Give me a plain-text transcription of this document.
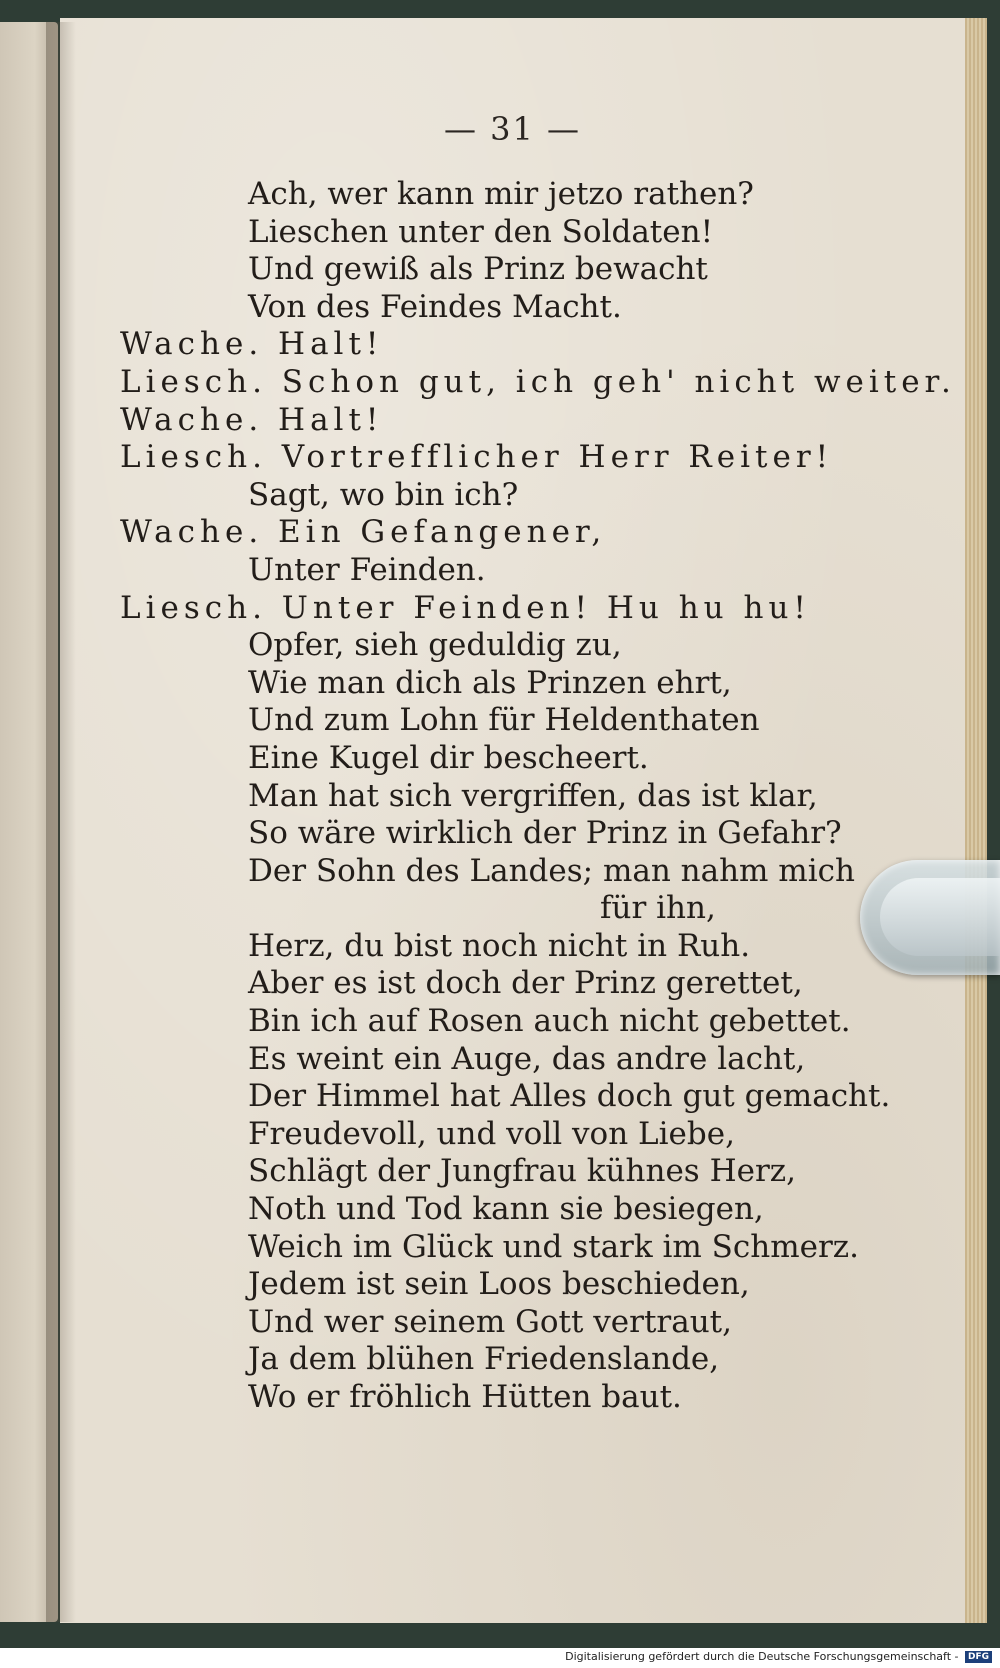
— 31 —
Ach, wer kann mir jetzo rathen?
Lieschen unter den Soldaten!
Und gewiß als Prinz bewacht
Von des Feindes Macht.
Wache. Halt!
Liesch. Schon gut, ich geh' nicht weiter.
Wache. Halt!
Liesch. Vortrefflicher Herr Reiter!
Sagt, wo bin ich?
Wache. Ein Gefangener,
Unter Feinden.
Liesch. Unter Feinden! Hu hu hu!
Opfer, sieh geduldig zu,
Wie man dich als Prinzen ehrt,
Und zum Lohn für Heldenthaten
Eine Kugel dir bescheert.
Man hat sich vergriffen, das ist klar,
So wäre wirklich der Prinz in Gefahr?
Der Sohn des Landes; man nahm mich
für ihn,
Herz, du bist noch nicht in Ruh.
Aber es ist doch der Prinz gerettet,
Bin ich auf Rosen auch nicht gebettet.
Es weint ein Auge, das andre lacht,
Der Himmel hat Alles doch gut gemacht.
Freudevoll, und voll von Liebe,
Schlägt der Jungfrau kühnes Herz,
Noth und Tod kann sie besiegen,
Weich im Glück und stark im Schmerz.
Jedem ist sein Loos beschieden,
Und wer seinem Gott vertraut,
Ja dem blühen Friedenslande,
Wo er fröhlich Hütten baut.
Digitalisierung gefördert durch die Deutsche Forschungsgemeinschaft - DFG
